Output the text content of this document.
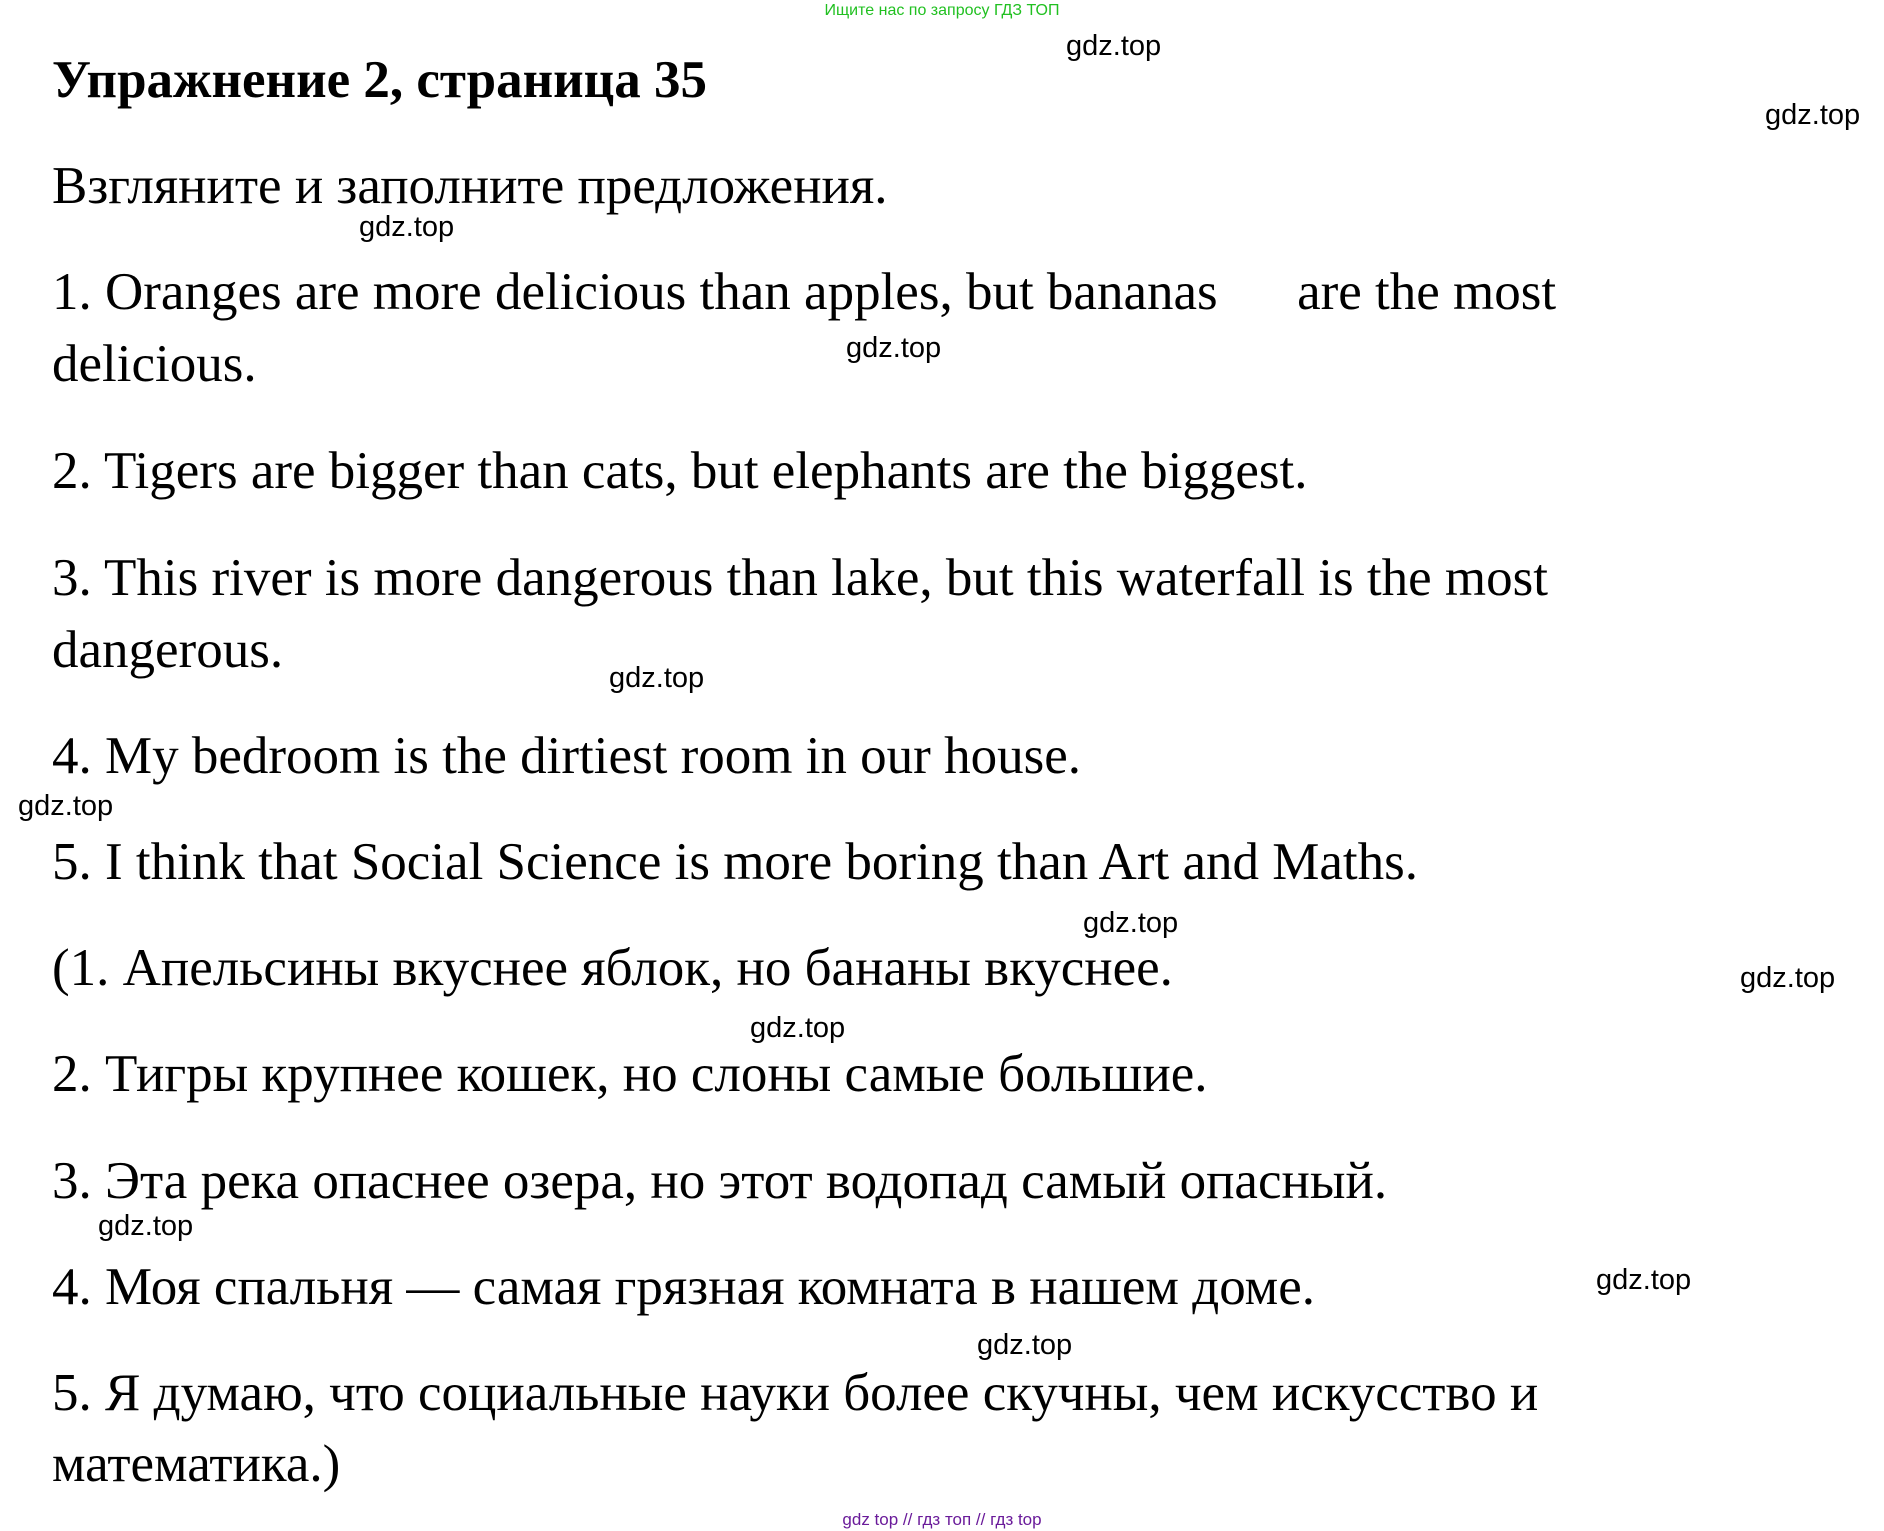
Ищите нас по запросу ГДЗ ТОП
Упражнение 2, страница 35

Взгляните и заполните предложения.

1. Oranges are more delicious than apples, but bananas      are the most

delicious.

2. Tigers are bigger than cats, but elephants are the biggest.

3. This river is more dangerous than lake, but this waterfall is the most

dangerous.

4. My bedroom is the dirtiest room in our house.

5. I think that Social Science is more boring than Art and Maths.

(1. Апельсины вкуснее яблок, но бананы вкуснее.

2. Тигры крупнее кошек, но слоны самые большие.

3. Эта река опаснее озера, но этот водопад самый опасный.

4. Моя спальня — самая грязная комната в нашем доме.

5. Я думаю, что социальные науки более скучны, чем искусство и

математика.)

gdz.top
gdz.top
gdz.top
gdz.top
gdz.top
gdz.top
gdz.top
gdz.top
gdz.top
gdz.top
gdz.top
gdz.top
gdz top // гдз топ // гдз top
